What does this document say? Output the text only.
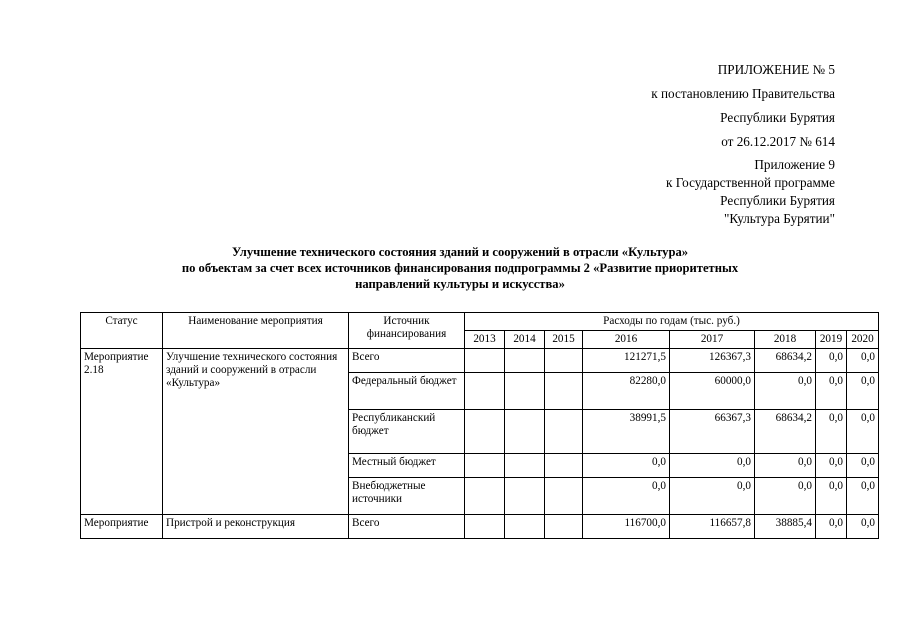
ПРИЛОЖЕНИЕ № 5
к постановлению Правительства
Республики Бурятия
от 26.12.2017 № 614
Приложение 9
к Государственной программе
Республики Бурятия
"Культура Бурятии"
Улучшение технического состояния зданий и сооружений в отрасли «Культура»
по объектам за счет всех источников финансирования подпрограммы 2 «Развитие приоритетных
направлений культуры и искусства»
Статус	Наименование мероприятия	Источник финансирования	Расходы по годам (тыс. руб.)							
			2013	2014	2015	2016	2017	2018	2019	2020
Мероприятие 2.18	Улучшение технического состояния зданий и сооружений в отрасли «Культура»	Всего				121271,5	126367,3	68634,2	0,0	0,0
		Федеральный бюджет				82280,0	60000,0	0,0	0,0	0,0
		Республиканский бюджет				38991,5	66367,3	68634,2	0,0	0,0
		Местный бюджет				0,0	0,0	0,0	0,0	0,0
		Внебюджетные источники				0,0	0,0	0,0	0,0	0,0
Мероприятие	Пристрой и реконструкция	Всего				116700,0	116657,8	38885,4	0,0	0,0
